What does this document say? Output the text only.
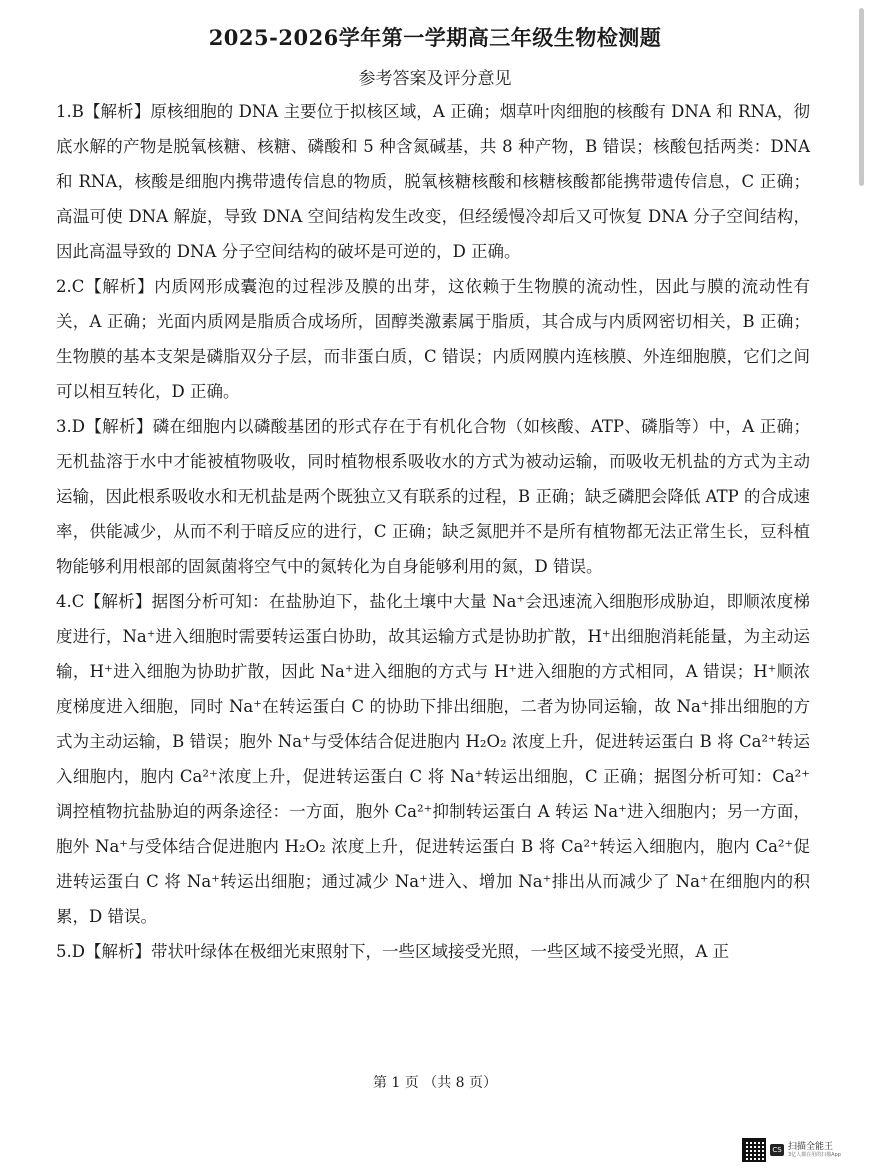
2025-2026学年第一学期高三年级生物检测题
参考答案及评分意见

1.B【解析】原核细胞的 DNA 主要位于拟核区域，A 正确；烟草叶肉细胞的核酸有 DNA 和 RNA，彻底水解的产物是脱氧核糖、核糖、磷酸和 5 种含氮碱基，共 8 种产物，B 错误；核酸包括两类：DNA 和 RNA，核酸是细胞内携带遗传信息的物质，脱氧核糖核酸和核糖核酸都能携带遗传信息，C 正确；高温可使 DNA 解旋，导致 DNA 空间结构发生改变，但经缓慢冷却后又可恢复 DNA 分子空间结构，因此高温导致的 DNA 分子空间结构的破坏是可逆的，D 正确。

2.C【解析】内质网形成囊泡的过程涉及膜的出芽，这依赖于生物膜的流动性，因此与膜的流动性有关，A 正确；光面内质网是脂质合成场所，固醇类激素属于脂质，其合成与内质网密切相关，B 正确；生物膜的基本支架是磷脂双分子层，而非蛋白质，C 错误；内质网膜内连核膜、外连细胞膜，它们之间可以相互转化，D 正确。

3.D【解析】磷在细胞内以磷酸基团的形式存在于有机化合物（如核酸、ATP、磷脂等）中，A 正确；无机盐溶于水中才能被植物吸收，同时植物根系吸收水的方式为被动运输，而吸收无机盐的方式为主动运输，因此根系吸收水和无机盐是两个既独立又有联系的过程，B 正确；缺乏磷肥会降低 ATP 的合成速率，供能减少，从而不利于暗反应的进行，C 正确；缺乏氮肥并不是所有植物都无法正常生长，豆科植物能够利用根部的固氮菌将空气中的氮转化为自身能够利用的氮，D 错误。

4.C【解析】据图分析可知：在盐胁迫下，盐化土壤中大量 Na⁺会迅速流入细胞形成胁迫，即顺浓度梯度进行，Na⁺进入细胞时需要转运蛋白协助，故其运输方式是协助扩散，H⁺出细胞消耗能量，为主动运输，H⁺进入细胞为协助扩散，因此 Na⁺进入细胞的方式与 H⁺进入细胞的方式相同，A 错误；H⁺顺浓度梯度进入细胞，同时 Na⁺在转运蛋白 C 的协助下排出细胞，二者为协同运输，故 Na⁺排出细胞的方式为主动运输，B 错误；胞外 Na⁺与受体结合促进胞内 H₂O₂ 浓度上升，促进转运蛋白 B 将 Ca²⁺转运入细胞内，胞内 Ca²⁺浓度上升，促进转运蛋白 C 将 Na⁺转运出细胞，C 正确；据图分析可知：Ca²⁺调控植物抗盐胁迫的两条途径：一方面，胞外 Ca²⁺抑制转运蛋白 A 转运 Na⁺进入细胞内；另一方面，胞外 Na⁺与受体结合促进胞内 H₂O₂ 浓度上升，促进转运蛋白 B 将 Ca²⁺转运入细胞内，胞内 Ca²⁺促进转运蛋白 C 将 Na⁺转运出细胞；通过减少 Na⁺进入、增加 Na⁺排出从而减少了 Na⁺在细胞内的积累，D 错误。

5.D【解析】带状叶绿体在极细光束照射下，一些区域接受光照，一些区域不接受光照，A 正

第 1 页 （共 8 页）
CS 扫描全能王
3亿人都在用的扫描App
